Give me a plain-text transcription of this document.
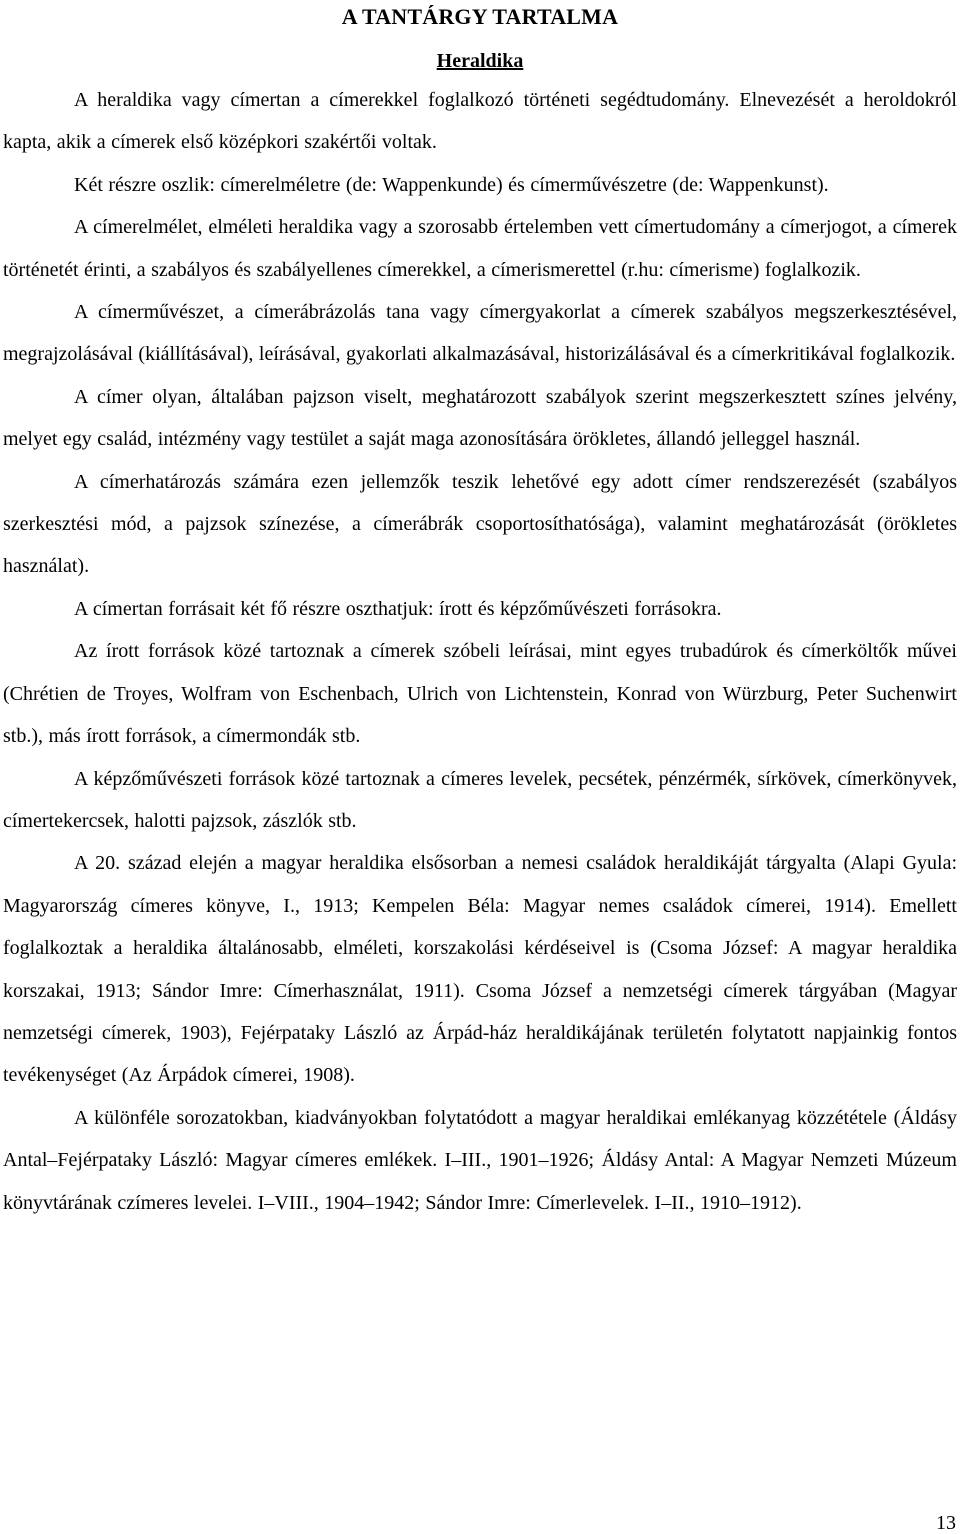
A TANTÁRGY TARTALMA
Heraldika

A heraldika vagy címertan a címerekkel foglalkozó történeti segédtudomány. Elnevezését a heroldokról kapta, akik a címerek első középkori szakértői voltak.

Két részre oszlik: címerelméletre (de: Wappenkunde) és címerművészetre (de: Wappenkunst).

A címerelmélet, elméleti heraldika vagy a szorosabb értelemben vett címertudomány a címerjogot, a címerek történetét érinti, a szabályos és szabályellenes címerekkel, a címerismerettel (r.hu: címerisme) foglalkozik.

A címerművészet, a címerábrázolás tana vagy címergyakorlat a címerek szabályos megszerkesztésével, megrajzolásával (kiállításával), leírásával, gyakorlati alkalmazásával, historizálásával és a címerkritikával foglalkozik.

A címer olyan, általában pajzson viselt, meghatározott szabályok szerint megszerkesztett színes jelvény, melyet egy család, intézmény vagy testület a saját maga azonosítására örökletes, állandó jelleggel használ.

A címerhatározás számára ezen jellemzők teszik lehetővé egy adott címer rendszerezését (szabályos szerkesztési mód, a pajzsok színezése, a címerábrák csoportosíthatósága), valamint meghatározását (örökletes használat).

A címertan forrásait két fő részre oszthatjuk: írott és képzőművészeti forrásokra.

Az írott források közé tartoznak a címerek szóbeli leírásai, mint egyes trubadúrok és címerköltők művei (Chrétien de Troyes, Wolfram von Eschenbach, Ulrich von Lichtenstein, Konrad von Würzburg, Peter Suchenwirt stb.), más írott források, a címermondák stb.

A képzőművészeti források közé tartoznak a címeres levelek, pecsétek, pénzérmék, sírkövek, címerkönyvek, címertekercsek, halotti pajzsok, zászlók stb.

A 20. század elején a magyar heraldika elsősorban a nemesi családok heraldikáját tárgyalta (Alapi Gyula: Magyarország címeres könyve, I., 1913; Kempelen Béla: Magyar nemes családok címerei, 1914). Emellett foglalkoztak a heraldika általánosabb, elméleti, korszakolási kérdéseivel is (Csoma József: A magyar heraldika korszakai, 1913; Sándor Imre: Címerhasználat, 1911). Csoma József a nemzetségi címerek tárgyában (Magyar nemzetségi címerek, 1903), Fejérpataky László az Árpád-ház heraldikájának területén folytatott napjainkig fontos tevékenységet (Az Árpádok címerei, 1908).

A különféle sorozatokban, kiadványokban folytatódott a magyar heraldikai emlékanyag közzététele (Áldásy Antal–Fejérpataky László: Magyar címeres emlékek. I–III., 1901–1926; Áldásy Antal: A Magyar Nemzeti Múzeum könyvtárának czímeres levelei. I–VIII., 1904–1942; Sándor Imre: Címerlevelek. I–II., 1910–1912).

13
